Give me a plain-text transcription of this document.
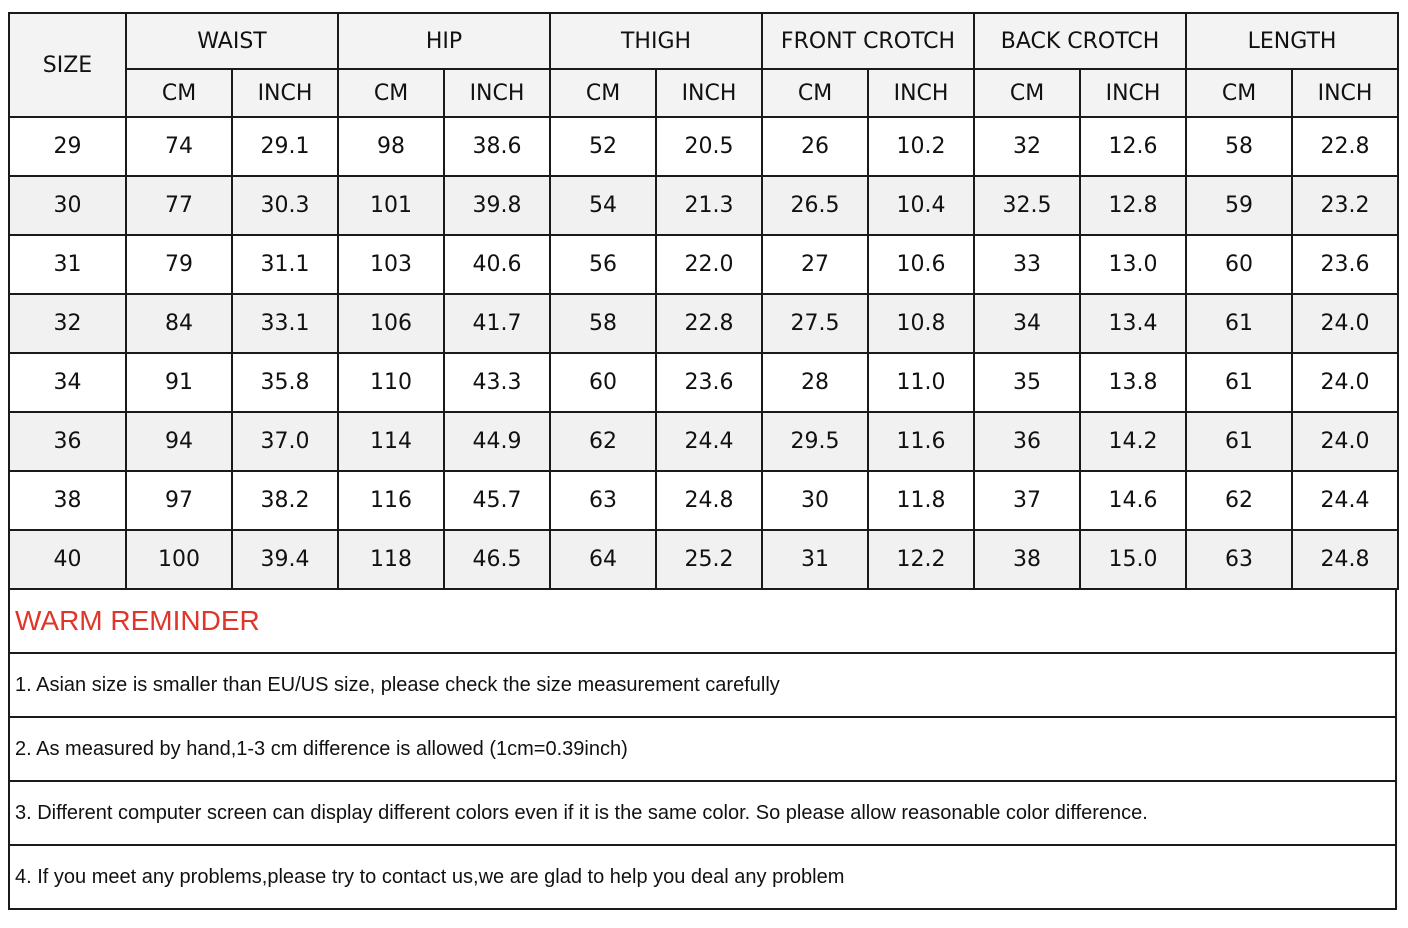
SIZE	WAIST		HIP		THIGH		FRONT CROTCH		BACK CROTCH		LENGTH	
	CM	INCH	CM	INCH	CM	INCH	CM	INCH	CM	INCH	CM	INCH
29	74	29.1	98	38.6	52	20.5	26	10.2	32	12.6	58	22.8
30	77	30.3	101	39.8	54	21.3	26.5	10.4	32.5	12.8	59	23.2
31	79	31.1	103	40.6	56	22.0	27	10.6	33	13.0	60	23.6
32	84	33.1	106	41.7	58	22.8	27.5	10.8	34	13.4	61	24.0
34	91	35.8	110	43.3	60	23.6	28	11.0	35	13.8	61	24.0
36	94	37.0	114	44.9	62	24.4	29.5	11.6	36	14.2	61	24.0
38	97	38.2	116	45.7	63	24.8	30	11.8	37	14.6	62	24.4
40	100	39.4	118	46.5	64	25.2	31	12.2	38	15.0	63	24.8
WARM REMINDER
1. Asian size is smaller than EU/US size, please check the size measurement carefully
2. As measured by hand,1-3 cm difference is allowed (1cm=0.39inch)
3. Different computer screen can display different colors even if it is the same color. So please allow reasonable color difference.
4. If you meet any problems,please try to contact us,we are glad to help you deal any problem
